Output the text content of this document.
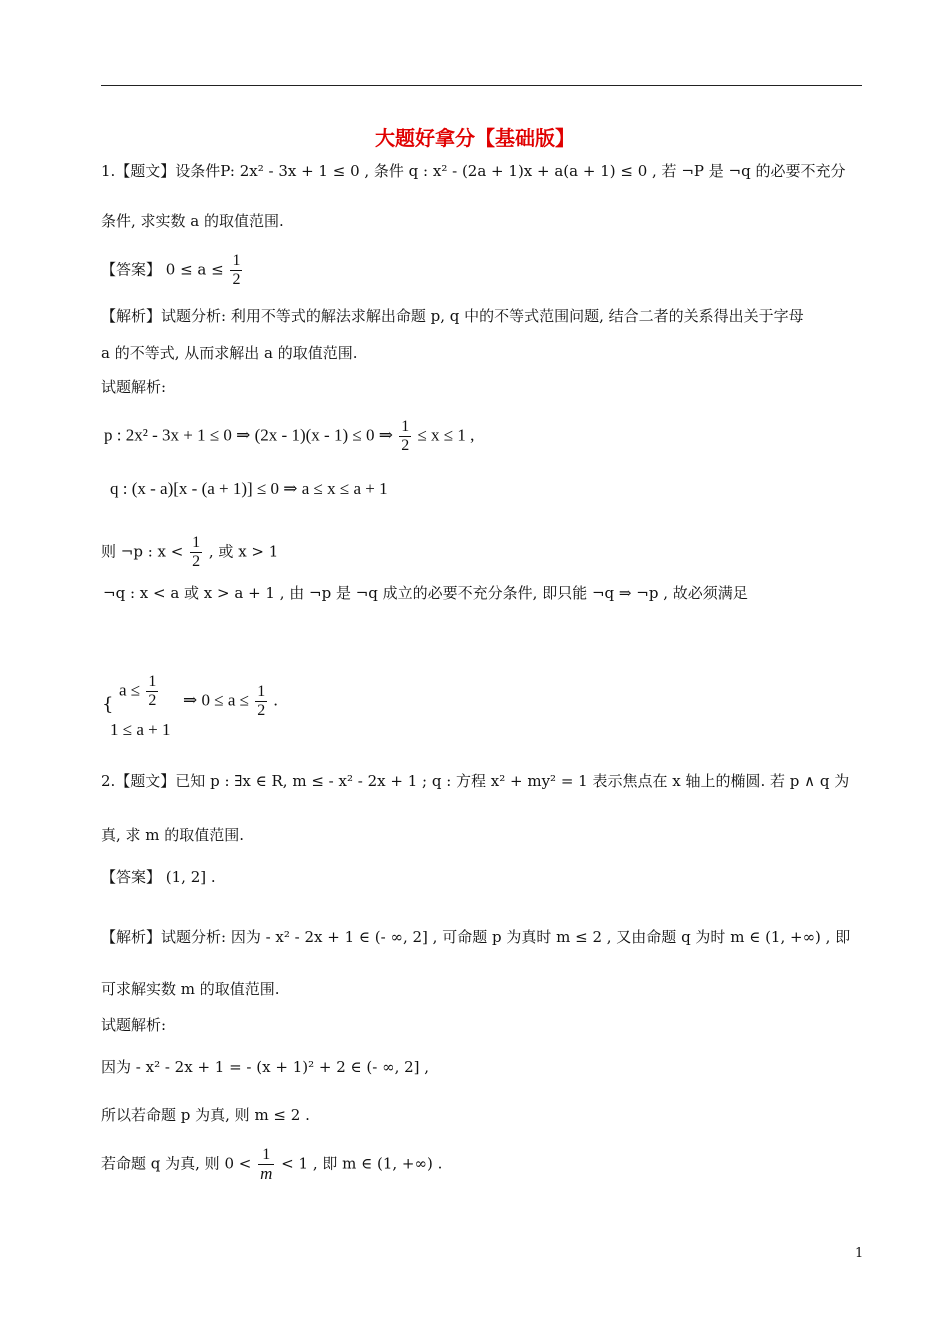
大题好拿分【基础版】
1.【题文】设条件P: 2x² - 3x + 1 ≤ 0 , 条件 q : x² - (2a + 1)x + a(a + 1) ≤ 0 , 若 ¬P 是 ¬q 的必要不充分
条件, 求实数 a 的取值范围.
【答案】 $0 \le a \le \frac{1}{2}$
【解析】试题分析: 利用不等式的解法求解出命题 p, q 中的不等式范围问题, 结合二者的关系得出关于字母
a 的不等式, 从而求解出 a 的取值范围.
试题解析:
p : 2x² - 3x + 1 ≤ 0 ⇒ (2x - 1)(x - 1) ≤ 0 ⇒ $\frac{1}{2} \le x \le 1$ ,
q : (x - a)[x - (a + 1)] ≤ 0 ⇒ a ≤ x ≤ a + 1
则 ¬p : $x < \frac{1}{2}$ , 或 x > 1
¬q : x < a 或 x > a + 1 , 由 ¬p 是 ¬q 成立的必要不充分条件, 即只能 ¬q ⇒ ¬p , 故必须满足
{
$a \le \frac{1}{2}$
1 ≤ a + 1
⇒ $0 \le a \le \frac{1}{2}$ .
2.【题文】已知 p : ∃x ∈ R, m ≤ - x² - 2x + 1 ; q : 方程 x² + my² = 1 表示焦点在 x 轴上的椭圆. 若 p ∧ q 为
真, 求 m 的取值范围.
【答案】 (1, 2] .
【解析】试题分析: 因为 - x² - 2x + 1 ∈ (- ∞, 2] , 可命题 p 为真时 m ≤ 2 , 又由命题 q 为时 m ∈ (1, +∞) , 即
可求解实数 m 的取值范围.
试题解析:
因为 - x² - 2x + 1 = - (x + 1)² + 2 ∈ (- ∞, 2] ,
所以若命题 p 为真, 则 m ≤ 2 .
若命题 q 为真, 则 $0 < \frac{1}{m} < 1$ , 即 m ∈ (1, +∞) .
1
